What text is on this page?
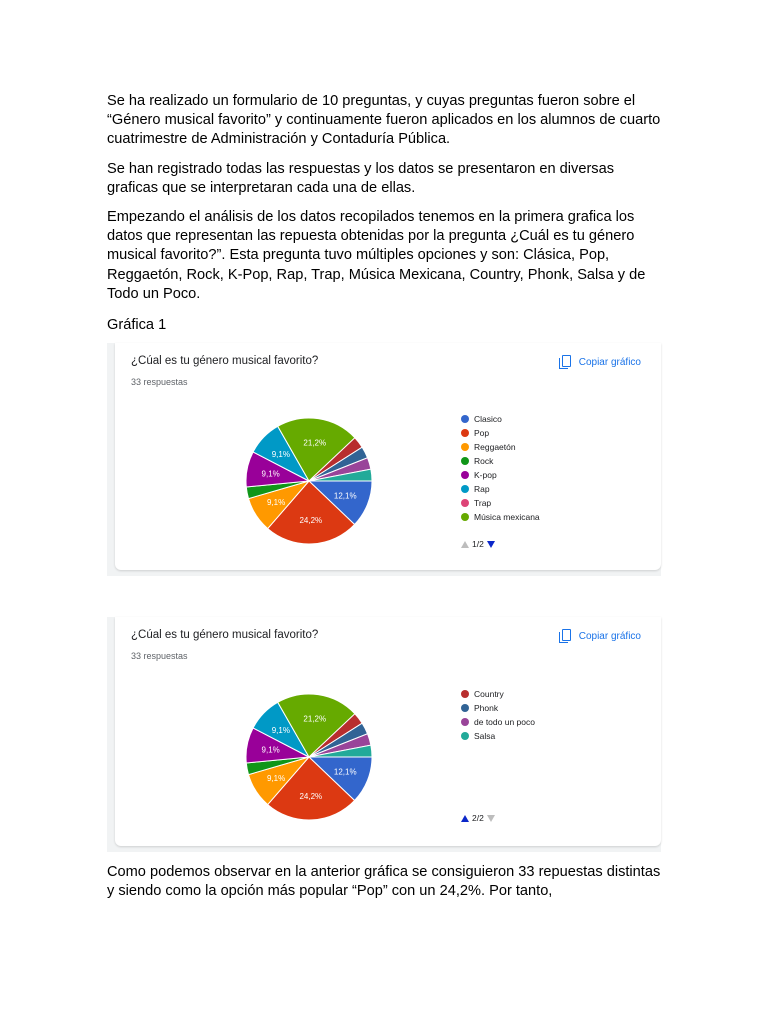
Se ha realizado un formulario de 10 preguntas, y cuyas preguntas fueron sobre el “Género musical favorito” y continuamente fueron aplicados en los alumnos de cuarto cuatrimestre de Administración y Contaduría Pública.

Se han registrado todas las respuestas y los datos se presentaron en diversas graficas que se interpretaran cada una de ellas.

Empezando el análisis de los datos recopilados tenemos en la primera grafica los datos que representan las repuesta obtenidas por la pregunta ¿Cuál es tu género musical favorito?”. Esta pregunta tuvo múltiples opciones y son: Clásica, Pop, Reggaetón, Rock, K-Pop, Rap, Trap, Música Mexicana, Country, Phonk, Salsa y de Todo un Poco.

Gráfica 1

¿Cúal es tu género musical favorito?
33 respuestas
Copiar gráfico
12,1%
24,2%
9,1%
9,1%
9,1%
21,2%
Clasico
Pop
Reggaetón
Rock
K-pop
Rap
Trap
Música mexicana
1/2
¿Cúal es tu género musical favorito?
33 respuestas
Copiar gráfico
12,1%
24,2%
9,1%
9,1%
9,1%
21,2%
Country
Phonk
de todo un poco
Salsa
2/2

Como podemos observar en la anterior gráfica se consiguieron 33 repuestas distintas y siendo como la opción más popular “Pop” con un 24,2%. Por tanto,
